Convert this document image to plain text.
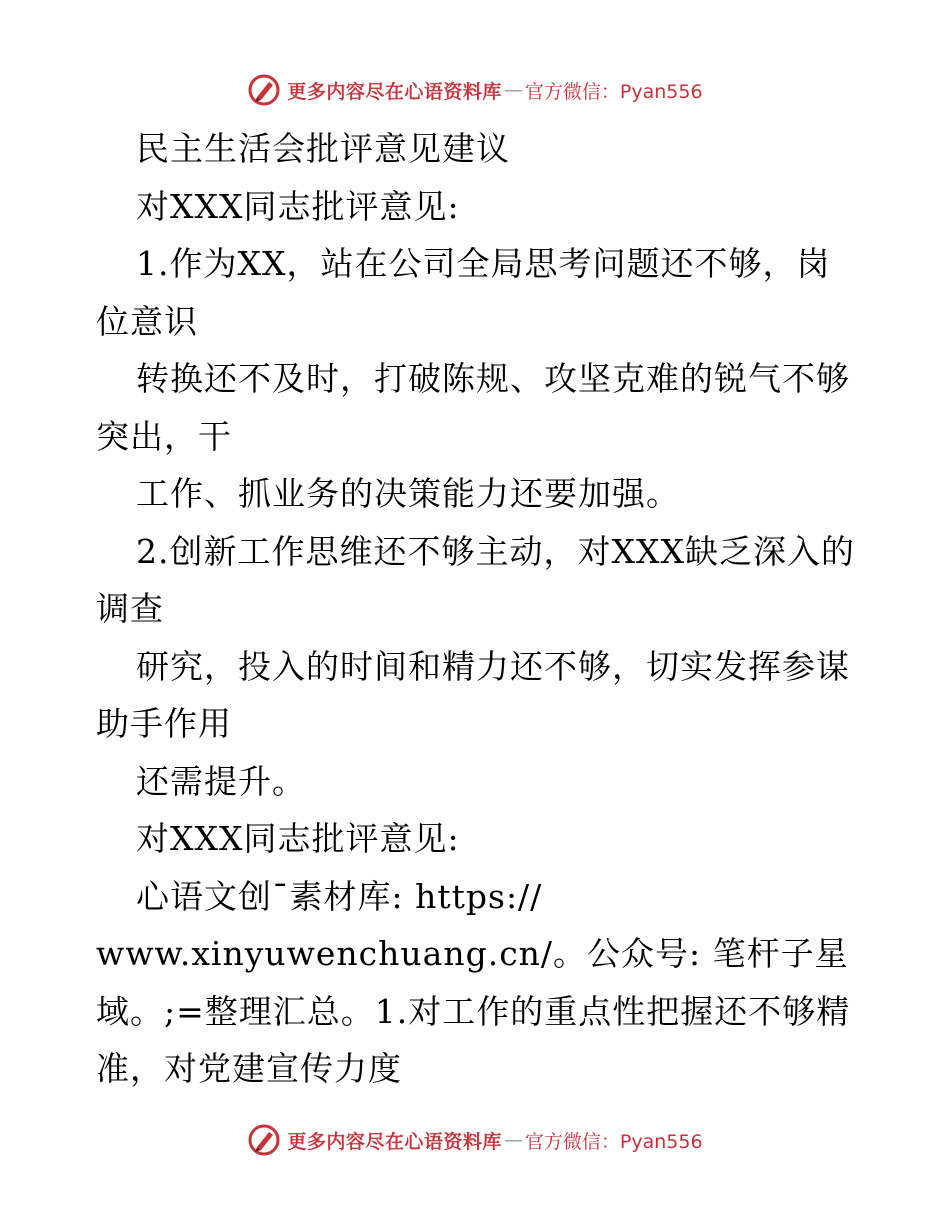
更多内容尽在心语资料库 — 官方微信：Pyan556
民主生活会批评意见建议
对XXX同志批评意见:
1.作为XX，站在公司全局思考问题还不够，岗
位意识
转换还不及时，打破陈规、攻坚克难的锐气不够
突出，干
工作、抓业务的决策能力还要加强。
2.创新工作思维还不够主动，对XXX缺乏深入的
调查
研究，投入的时间和精力还不够，切实发挥参谋
助手作用
还需提升。
对XXX同志批评意见:
心语文创¯素材库: https://
www.xinyuwenchuang.cn/。公众号: 笔杆子星
域。;=整理汇总。1.对工作的重点性把握还不够精
准，对党建宣传力度
更多内容尽在心语资料库 — 官方微信：Pyan556
